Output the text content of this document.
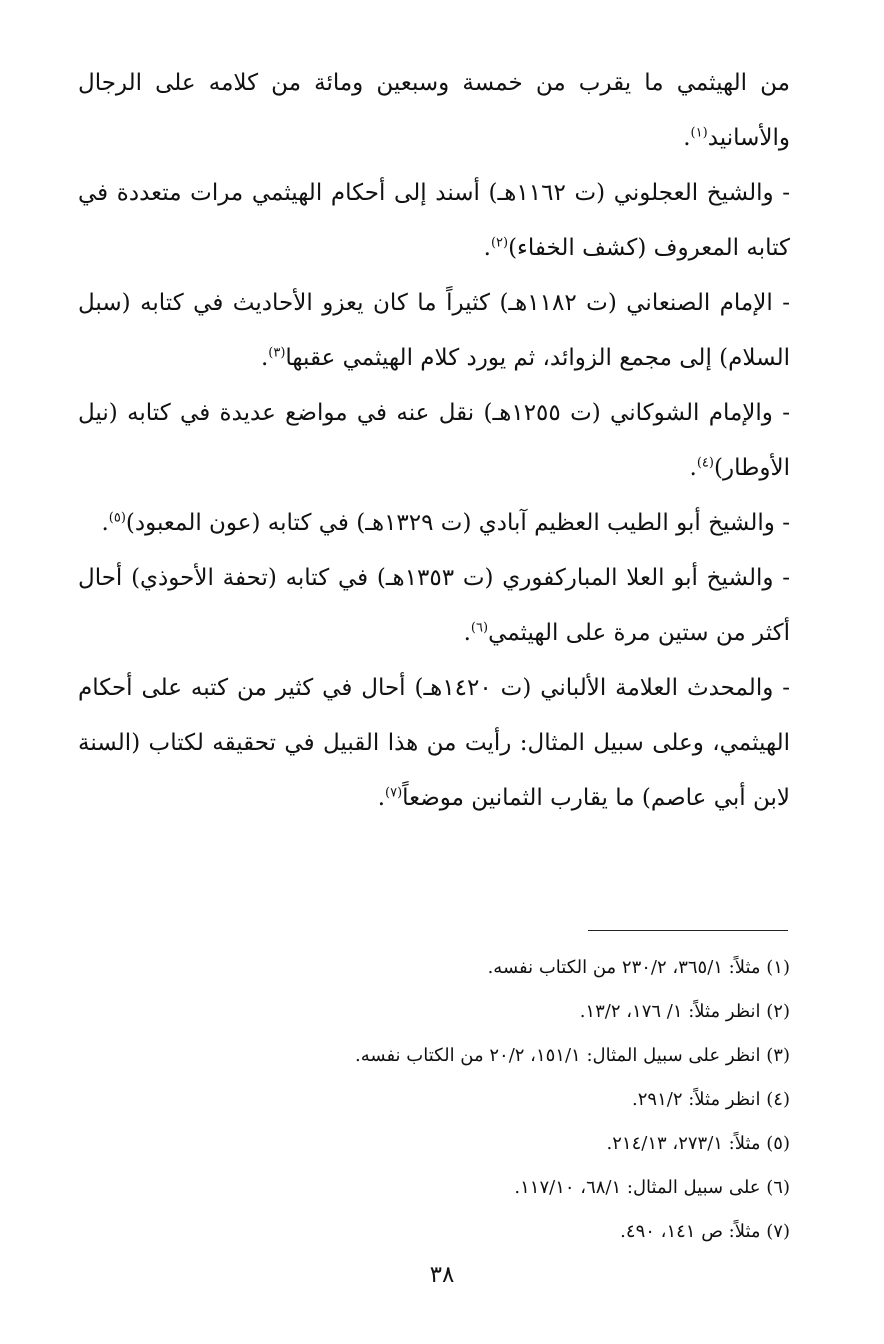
من الهيثمي ما يقرب من خمسة وسبعين ومائة من كلامه على الرجال والأسانيد$^{(١)}$.

- والشيخ العجلوني (ت ١١٦٢هـ) أسند إلى أحكام الهيثمي مرات متعددة في كتابه المعروف (كشف الخفاء)$^{(٢)}$.

- الإمام الصنعاني (ت ١١٨٢هـ) كثيراً ما كان يعزو الأحاديث في كتابه (سبل السلام) إلى مجمع الزوائد، ثم يورد كلام الهيثمي عقبها$^{(٣)}$.

- والإمام الشوكاني (ت ١٢٥٥هـ) نقل عنه في مواضع عديدة في كتابه (نيل الأوطار)$^{(٤)}$.

- والشيخ أبو الطيب العظيم آبادي (ت ١٣٢٩هـ) في كتابه (عون المعبود)$^{(٥)}$.

- والشيخ أبو العلا المباركفوري (ت ١٣٥٣هـ) في كتابه (تحفة الأحوذي) أحال أكثر من ستين مرة على الهيثمي$^{(٦)}$.

- والمحدث العلامة الألباني (ت ١٤٢٠هـ) أحال في كثير من كتبه على أحكام الهيثمي، وعلى سبيل المثال: رأيت من هذا القبيل في تحقيقه لكتاب (السنة لابن أبي عاصم) ما يقارب الثمانين موضعاً$^{(٧)}$.

(١) مثلاً: ٣٦٥/١، ٢٣٠/٢ من الكتاب نفسه.

(٢) انظر مثلاً: ١/ ١٧٦، ١٣/٢.

(٣) انظر على سبيل المثال: ١٥١/١، ٢٠/٢ من الكتاب نفسه.

(٤) انظر مثلاً: ٢٩١/٢.

(٥) مثلاً: ٢٧٣/١، ٢١٤/١٣.

(٦) على سبيل المثال: ٦٨/١، ١١٧/١٠.

(٧) مثلاً: ص ١٤١، ٤٩٠.

٣٨
